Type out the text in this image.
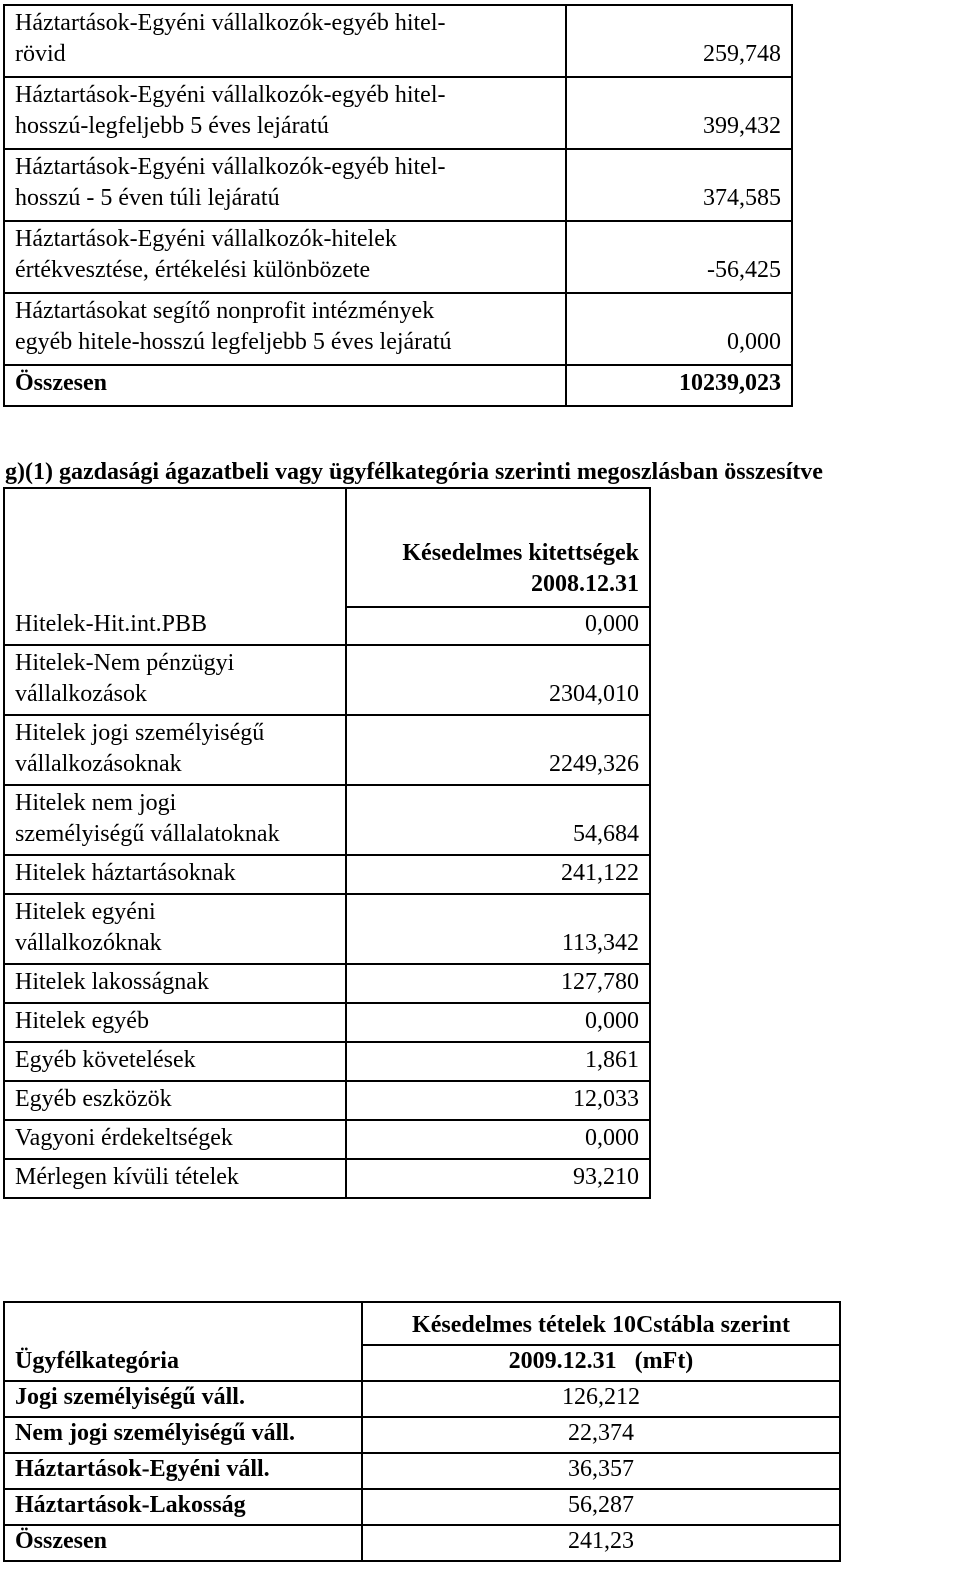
Háztartások-Egyéni vállalkozók-egyéb hitel-
rövid	259,748

Háztartások-Egyéni vállalkozók-egyéb hitel-
hosszú-legfeljebb 5 éves lejáratú	399,432

Háztartások-Egyéni vállalkozók-egyéb hitel-
hosszú - 5 éven túli lejáratú	374,585

Háztartások-Egyéni vállalkozók-hitelek
értékvesztése, értékelési különbözete	-56,425

Háztartásokat segítő nonprofit intézmények
egyéb hitele-hosszú legfeljebb 5 éves lejáratú	0,000
Összesen	10239,023
g)(1) gazdasági ágazatbeli vagy ügyfélkategória szerinti megoszlásban összesítve

	Késedelmes kitettségek
2008.12.31

Hitelek-Hit.int.PBB	0,000

Hitelek-Nem pénzügyi
vállalkozások	2304,010

Hitelek jogi személyiségű
vállalkozásoknak	2249,326

Hitelek nem jogi
személyiségű vállalatoknak	54,684

Hitelek háztartásoknak	241,122

Hitelek egyéni
vállalkozóknak	113,342

Hitelek lakosságnak	127,780

Hitelek egyéb	0,000

Egyéb követelések	1,861

Egyéb eszközök	12,033

Vagyoni érdekeltségek	0,000

Mérlegen kívüli tételek	93,210
	Késedelmes tételek 10Cstábla szerint
Ügyfélkategória	2009.12.31   (mFt)
Jogi személyiségű váll.	126,212
Nem jogi személyiségű váll.	22,374
Háztartások-Egyéni váll.	36,357
Háztartások-Lakosság	56,287
Összesen	241,23
